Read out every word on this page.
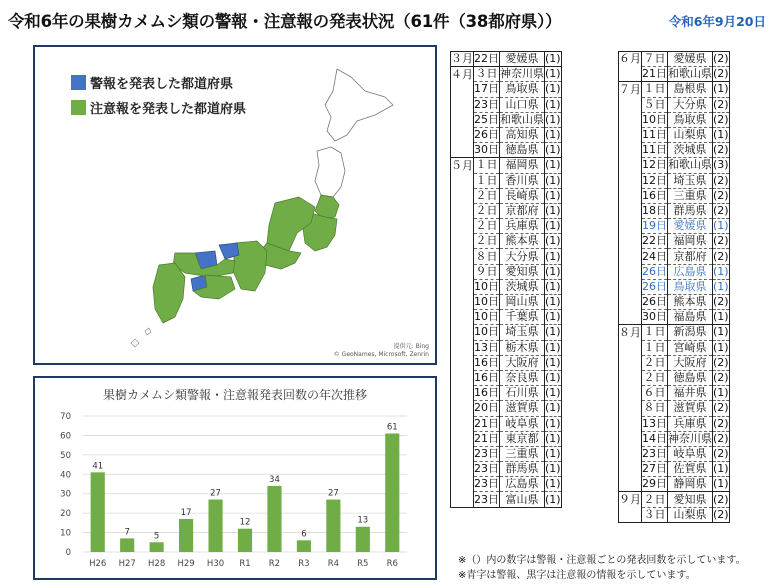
令和6年の果樹カメムシ類の警報・注意報の発表状況（61件（38都府県））	令和6年9月20日
警報を発表した都道府県
注意報を発表した都道府県
提供元: Bing
© GeoNames, Microsoft, Zenrin
果樹カメムシ類警報・注意報発表回数の年次推移
0
10
20
30
40
50
60
70
41
H26
7
H27
5
H28
17
H29
27
H30
12
R1
34
R2
6
R3
27
R4
13
R5
61
R6
３月	22日	愛媛県	(1)
４月	３日	神奈川県	(1)
	17日	鳥取県	(1)
	23日	山口県	(1)
	25日	和歌山県	(1)
	26日	高知県	(1)
	30日	徳島県	(1)
５月	１日	福岡県	(1)
	１日	香川県	(1)
	２日	長崎県	(1)
	２日	京都府	(1)
	２日	兵庫県	(1)
	２日	熊本県	(1)
	８日	大分県	(1)
	９日	愛知県	(1)
	10日	茨城県	(1)
	10日	岡山県	(1)
	10日	千葉県	(1)
	10日	埼玉県	(1)
	13日	栃木県	(1)
	16日	大阪府	(1)
	16日	奈良県	(1)
	16日	石川県	(1)
	20日	滋賀県	(1)
	21日	岐阜県	(1)
	21日	東京都	(1)
	23日	三重県	(1)
	23日	群馬県	(1)
	23日	広島県	(1)
	23日	富山県	(1)
６月	７日	愛媛県	(2)
	21日	和歌山県	(2)
７月	１日	島根県	(1)
	５日	大分県	(2)
	10日	鳥取県	(2)
	11日	山梨県	(1)
	11日	茨城県	(2)
	12日	和歌山県	(3)
	12日	埼玉県	(2)
	16日	三重県	(2)
	18日	群馬県	(2)
	19日	愛媛県	(1)
	22日	福岡県	(2)
	24日	京都府	(2)
	26日	広島県	(1)
	26日	鳥取県	(1)
	26日	熊本県	(2)
	30日	福島県	(1)
８月	１日	新潟県	(1)
	１日	宮崎県	(1)
	２日	大阪府	(2)
	２日	徳島県	(2)
	６日	福井県	(1)
	８日	滋賀県	(2)
	13日	兵庫県	(2)
	14日	神奈川県	(2)
	23日	岐阜県	(2)
	27日	佐賀県	(1)
	29日	静岡県	(1)
９月	２日	愛知県	(2)
	３日	山梨県	(2)
※（）内の数字は警報・注意報ごとの発表回数を示しています。
※青字は警報、黒字は注意報の情報を示しています。
